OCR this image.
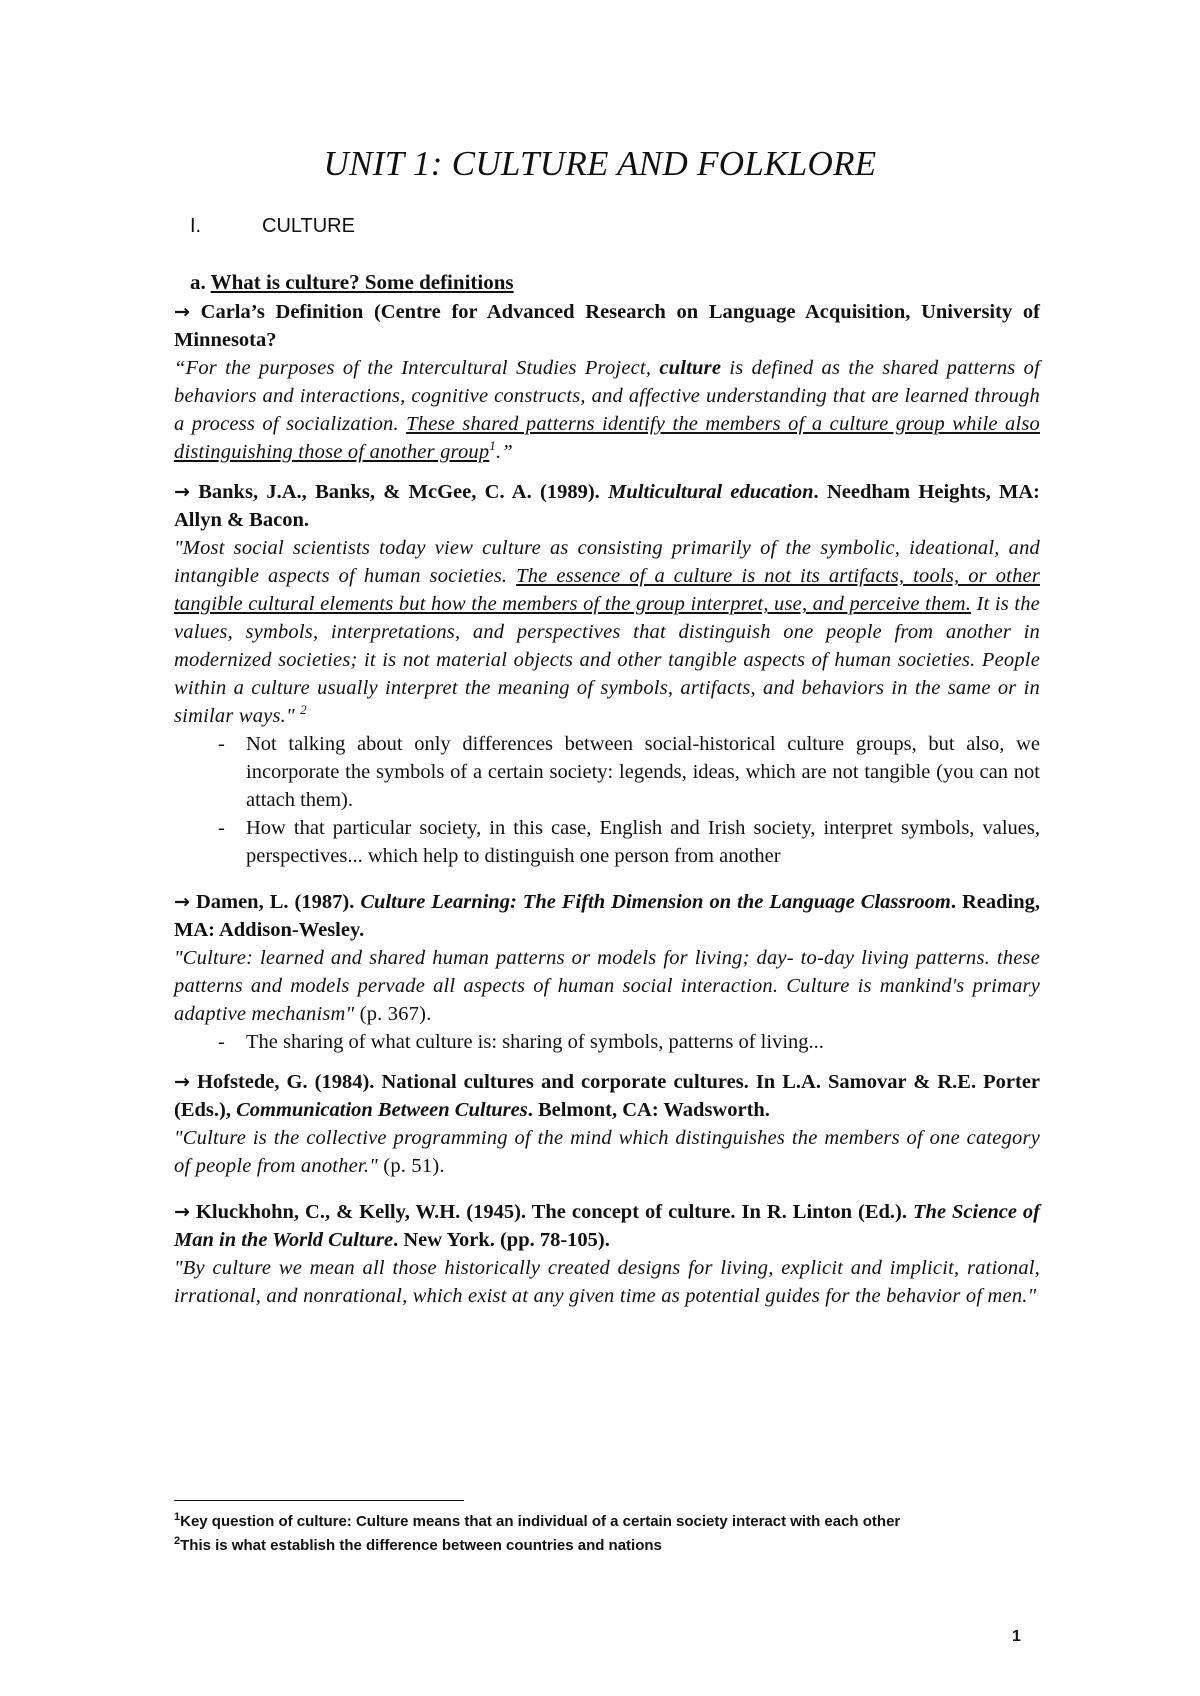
UNIT 1: CULTURE AND FOLKLORE
I.	CULTURE
a. What is culture? Some definitions
→ Carla’s Definition (Centre for Advanced Research on Language Acquisition, University of Minnesota?
“For the purposes of the Intercultural Studies Project, culture is defined as the shared patterns of behaviors and interactions, cognitive constructs, and affective understanding that are learned through a process of socialization. These shared patterns identify the members of a culture group while also distinguishing those of another group$^1$.”
→ Banks, J.A., Banks, & McGee, C. A. (1989). Multicultural education. Needham Heights, MA: Allyn & Bacon.
"Most social scientists today view culture as consisting primarily of the symbolic, ideational, and intangible aspects of human societies. The essence of a culture is not its artifacts, tools, or other tangible cultural elements but how the members of the group interpret, use, and perceive them. It is the values, symbols, interpretations, and perspectives that distinguish one people from another in modernized societies; it is not material objects and other tangible aspects of human societies. People within a culture usually interpret the meaning of symbols, artifacts, and behaviors in the same or in similar ways." $^2$
- Not talking about only differences between social-historical culture groups, but also, we incorporate the symbols of a certain society: legends, ideas, which are not tangible (you can not attach them).
- How that particular society, in this case, English and Irish society, interpret symbols, values, perspectives... which help to distinguish one person from another
→ Damen, L. (1987). Culture Learning: The Fifth Dimension on the Language Classroom. Reading, MA: Addison-Wesley.
"Culture: learned and shared human patterns or models for living; day- to-day living patterns. these patterns and models pervade all aspects of human social interaction. Culture is mankind's primary adaptive mechanism" (p. 367).
- The sharing of what culture is: sharing of symbols, patterns of living...
→ Hofstede, G. (1984). National cultures and corporate cultures. In L.A. Samovar & R.E. Porter (Eds.), Communication Between Cultures. Belmont, CA: Wadsworth.
"Culture is the collective programming of the mind which distinguishes the members of one category of people from another." (p. 51).
→ Kluckhohn, C., & Kelly, W.H. (1945). The concept of culture. In R. Linton (Ed.). The Science of Man in the World Culture. New York. (pp. 78-105).
"By culture we mean all those historically created designs for living, explicit and implicit, rational, irrational, and nonrational, which exist at any given time as potential guides for the behavior of men."
$^1$Key question of culture: Culture means that an individual of a certain society interact with each other
$^2$This is what establish the difference between countries and nations
1
